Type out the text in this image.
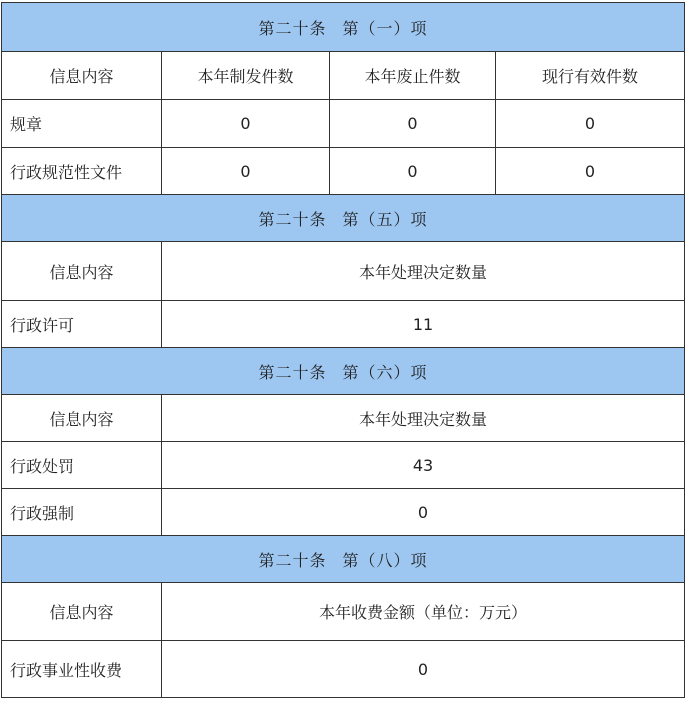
第二十条 第（一）项			
信息内容	本年制发件数	本年废止件数	现行有效件数
规章	0	0	0
行政规范性文件	0	0	0
第二十条 第（五）项			
信息内容	本年处理决定数量		
行政许可	11		
第二十条 第（六）项			
信息内容	本年处理决定数量		
行政处罚	43		
行政强制	0		
第二十条 第（八）项			
信息内容	本年收费金额（单位：万元）		
行政事业性收费	0		
